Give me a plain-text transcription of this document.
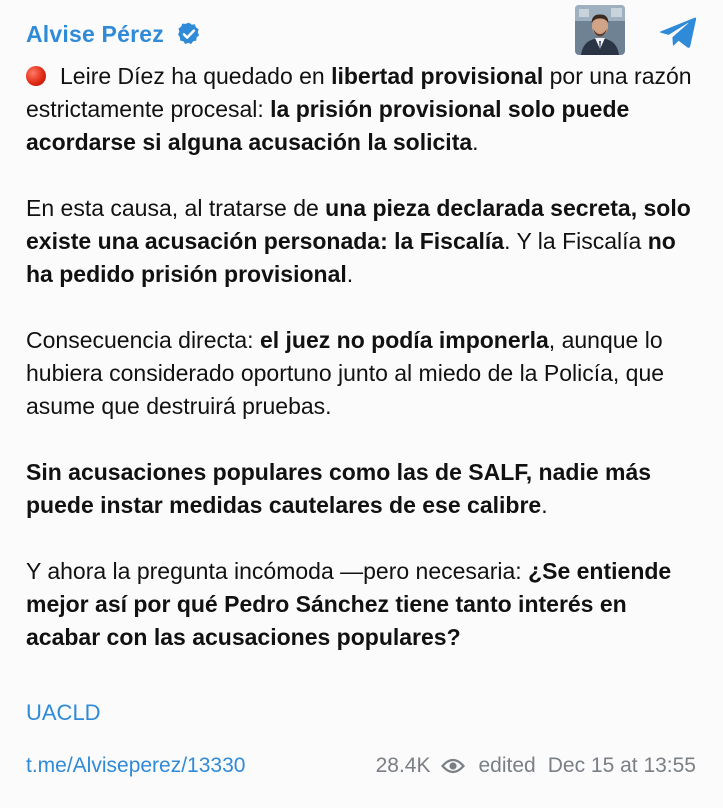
Alvise Pérez

Leire Díez ha quedado en libertad provisional por una razón estrictamente procesal: la prisión provisional solo puede acordarse si alguna acusación la solicita.

En esta causa, al tratarse de una pieza declarada secreta, solo existe una acusación personada: la Fiscalía. Y la Fiscalía no ha pedido prisión provisional.

Consecuencia directa: el juez no podía imponerla, aunque lo hubiera considerado oportuno junto al miedo de la Policía, que asume que destruirá pruebas.

Sin acusaciones populares como las de SALF, nadie más puede instar medidas cautelares de ese calibre.

Y ahora la pregunta incómoda —pero necesaria: ¿Se entiende mejor así por qué Pedro Sánchez tiene tanto interés en acabar con las acusaciones populares?

UACLD
t.me/Alviseperez/13330	28.4K edited Dec 15 at 13:55
